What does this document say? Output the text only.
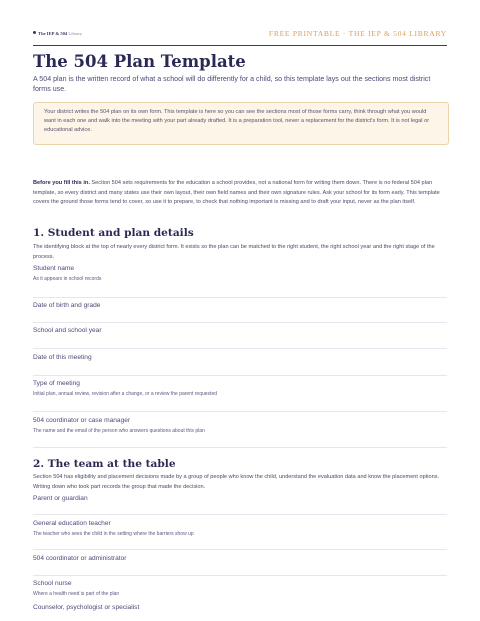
The IEP & 504 Library	FREE PRINTABLE · THE IEP & 504 LIBRARY
The 504 Plan Template

A 504 plan is the written record of what a school will do differently for a child, so this template lays out the sections most district forms use.

Your district writes the 504 plan on its own form. This template is here so you can see the sections most of those forms carry, think through what you would want in each one and walk into the meeting with your part already drafted. It is a preparation tool, never a replacement for the district's form. It is not legal or educational advice.

Before you fill this in. Section 504 sets requirements for the education a school provides, not a national form for writing them down. There is no federal 504 plan template, so every district and many states use their own layout, their own field names and their own signature rules. Ask your school for its form early. This template covers the ground those forms tend to cover, so use it to prepare, to check that nothing important is missing and to draft your input, never as the plan itself.

1. Student and plan details

The identifying block at the top of nearly every district form. It exists so the plan can be matched to the right student, the right school year and the right stage of the process.

Student name
As it appears in school records
Date of birth and grade
School and school year
Date of this meeting
Type of meeting
Initial plan, annual review, revision after a change, or a review the parent requested
504 coordinator or case manager
The name and the email of the person who answers questions about this plan
2. The team at the table

Section 504 has eligibility and placement decisions made by a group of people who know the child, understand the evaluation data and know the placement options. Writing down who took part records the group that made the decision.

Parent or guardian
General education teacher
The teacher who sees the child in the setting where the barriers show up
504 coordinator or administrator
School nurse
Where a health need is part of the plan
Counselor, psychologist or specialist
